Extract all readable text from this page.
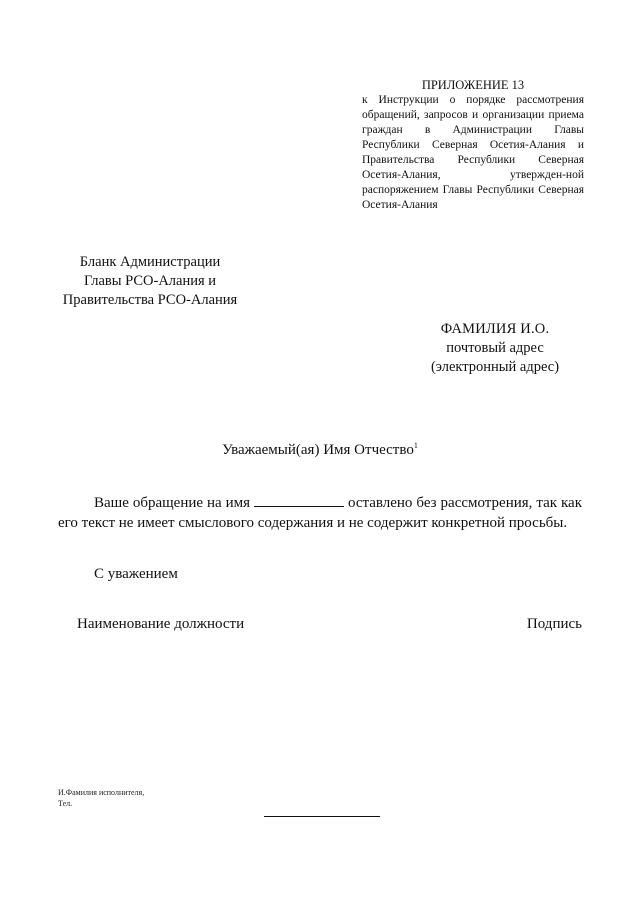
ПРИЛОЖЕНИЕ 13
к Инструкции о порядке рассмотрения обращений, запросов и организации приема граждан в Администрации Главы Республики Северная Осетия-Алания и Правительства Республики Северная Осетия-Алания, утвержден-ной распоряжением Главы Республики Северная Осетия-Алания
Бланк Администрации
Главы РСО-Алания и
Правительства РСО-Алания
ФАМИЛИЯ И.О.
почтовый адрес
(электронный адрес)
Уважаемый(ая) Имя Отчество$^1$
Ваше обращение на имя	оставлено без рассмотрения, так как его текст не имеет смыслового содержания и не содержит конкретной просьбы.
С уважением
Наименование должности	Подпись
И.Фамилия исполнителя,
Тел.
